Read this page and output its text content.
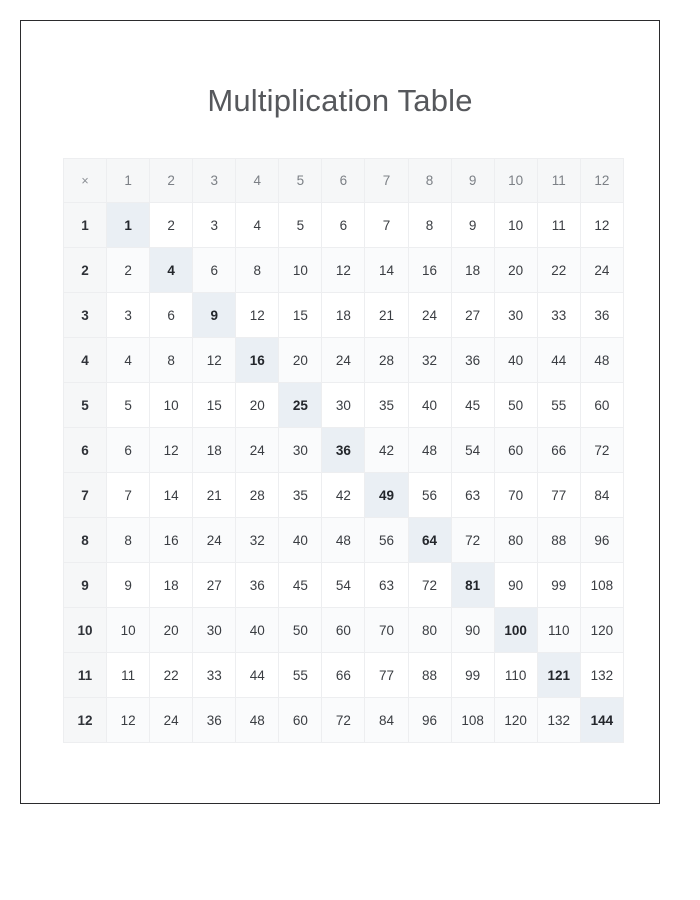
Multiplication Table
×	1	2	3	4	5	6	7	8	9	10	11	12
1	1	2	3	4	5	6	7	8	9	10	11	12
2	2	4	6	8	10	12	14	16	18	20	22	24
3	3	6	9	12	15	18	21	24	27	30	33	36
4	4	8	12	16	20	24	28	32	36	40	44	48
5	5	10	15	20	25	30	35	40	45	50	55	60
6	6	12	18	24	30	36	42	48	54	60	66	72
7	7	14	21	28	35	42	49	56	63	70	77	84
8	8	16	24	32	40	48	56	64	72	80	88	96
9	9	18	27	36	45	54	63	72	81	90	99	108
10	10	20	30	40	50	60	70	80	90	100	110	120
11	11	22	33	44	55	66	77	88	99	110	121	132
12	12	24	36	48	60	72	84	96	108	120	132	144
